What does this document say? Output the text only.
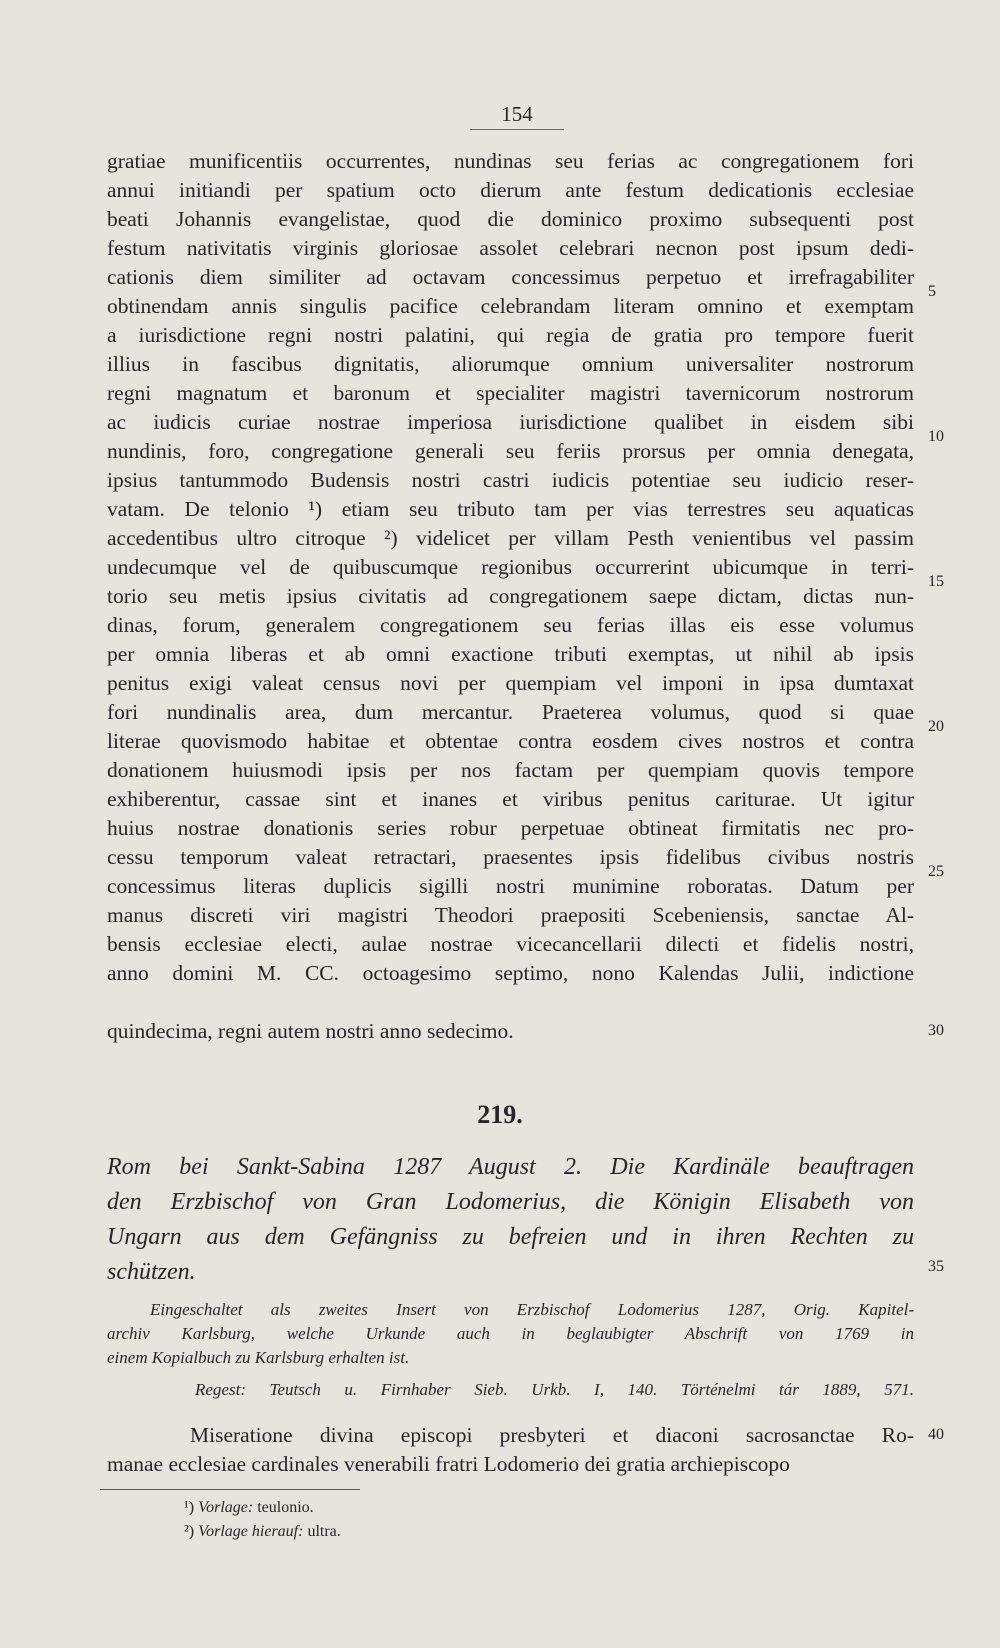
154
gratiae munificentiis occurrentes, nundinas seu ferias ac congregationem fori
annui initiandi per spatium octo dierum ante festum dedicationis ecclesiae
beati Johannis evangelistae, quod die dominico proximo subsequenti post
festum nativitatis virginis gloriosae assolet celebrari necnon post ipsum dedi-
cationis diem similiter ad octavam concessimus perpetuo et irrefragabiliter
obtinendam annis singulis pacifice celebrandam literam omnino et exemptam
a iurisdictione regni nostri palatini, qui regia de gratia pro tempore fuerit
illius in fascibus dignitatis, aliorumque omnium universaliter nostrorum
regni magnatum et baronum et specialiter magistri tavernicorum nostrorum
ac iudicis curiae nostrae imperiosa iurisdictione qualibet in eisdem sibi
nundinis, foro, congregatione generali seu feriis prorsus per omnia denegata,
ipsius tantummodo Budensis nostri castri iudicis potentiae seu iudicio reser-
vatam. De telonio ¹) etiam seu tributo tam per vias terrestres seu aquaticas
accedentibus ultro citroque ²) videlicet per villam Pesth venientibus vel passim
undecumque vel de quibuscumque regionibus occurrerint ubicumque in terri-
torio seu metis ipsius civitatis ad congregationem saepe dictam, dictas nun-
dinas, forum, generalem congregationem seu ferias illas eis esse volumus
per omnia liberas et ab omni exactione tributi exemptas, ut nihil ab ipsis
penitus exigi valeat census novi per quempiam vel imponi in ipsa dumtaxat
fori nundinalis area, dum mercantur. Praeterea volumus, quod si quae
literae quovismodo habitae et obtentae contra eosdem cives nostros et contra
donationem huiusmodi ipsis per nos factam per quempiam quovis tempore
exhiberentur, cassae sint et inanes et viribus penitus cariturae. Ut igitur
huius nostrae donationis series robur perpetuae obtineat firmitatis nec pro-
cessu temporum valeat retractari, praesentes ipsis fidelibus civibus nostris
concessimus literas duplicis sigilli nostri munimine roboratas. Datum per
manus discreti viri magistri Theodori praepositi Scebeniensis, sanctae Al-
bensis ecclesiae electi, aulae nostrae vicecancellarii dilecti et fidelis nostri,
anno domini M. CC. octoagesimo septimo, nono Kalendas Julii, indictione
quindecima, regni autem nostri anno sedecimo.
5
10
15
20
25
30
35
40
219.
Rom bei Sankt-Sabina 1287 August 2. Die Kardinäle beauftragen
den Erzbischof von Gran Lodomerius, die Königin Elisabeth von
Ungarn aus dem Gefängniss zu befreien und in ihren Rechten zu
schützen.
Eingeschaltet als zweites Insert von Erzbischof Lodomerius 1287, Orig. Kapitel-
archiv Karlsburg, welche Urkunde auch in beglaubigter Abschrift von 1769 in
einem Kopialbuch zu Karlsburg erhalten ist.
Regest: Teutsch u. Firnhaber Sieb. Urkb. I, 140. Történelmi tár 1889, 571.
Miseratione divina episcopi presbyteri et diaconi sacrosanctae Ro-
manae ecclesiae cardinales venerabili fratri Lodomerio dei gratia archiepiscopo
¹) Vorlage: teulonio.
²) Vorlage hierauf: ultra.
